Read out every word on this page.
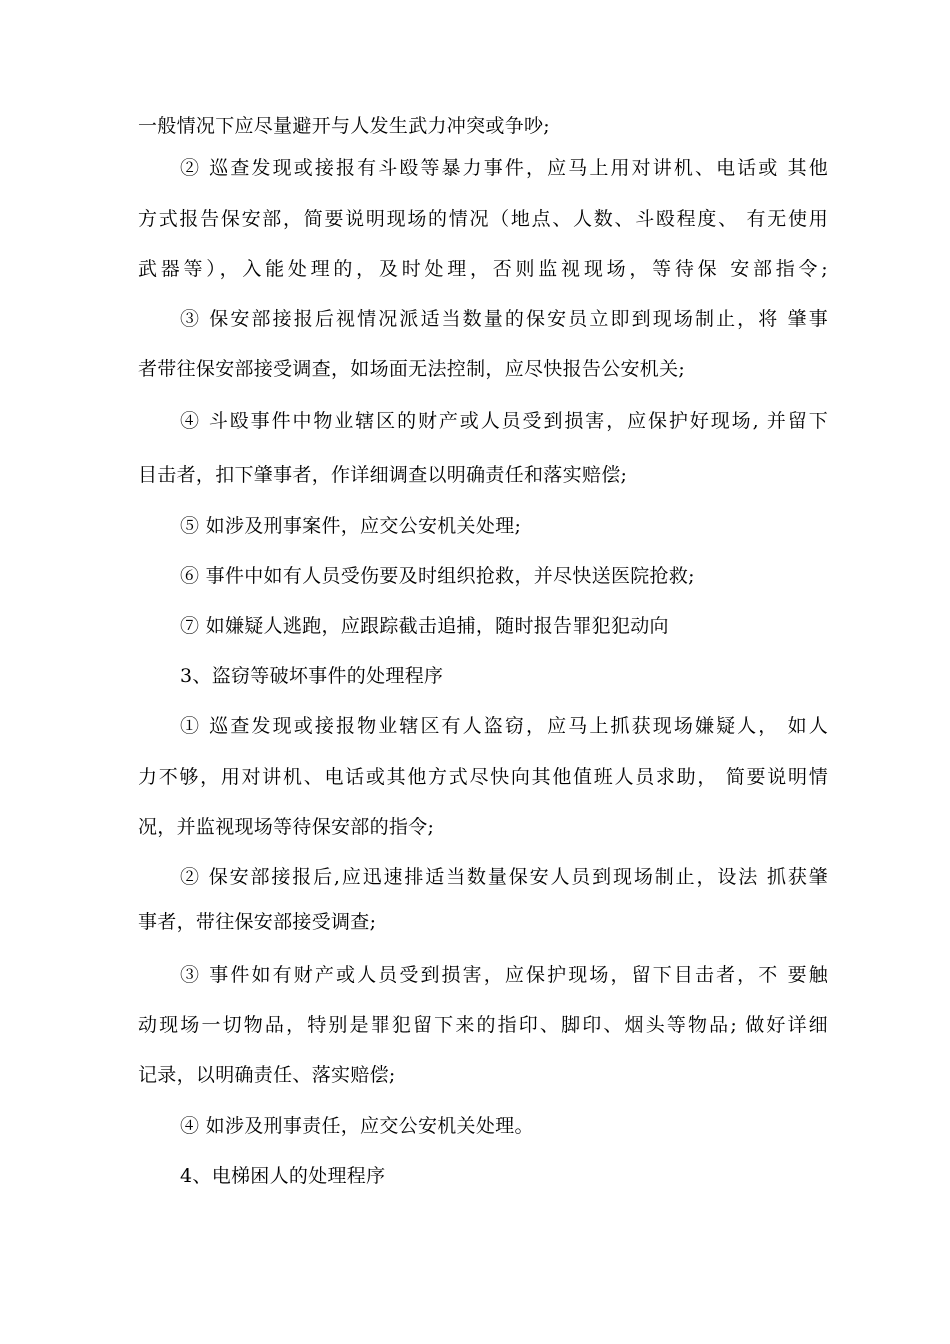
一般情况下应尽量避开与人发生武力冲突或争吵;
② 巡查发现或接报有斗殴等暴力事件，应马上用对讲机、电话或 其他
方式报告保安部，简要说明现场的情况（地点、人数、斗殴程度、 有无使用
武器等），入能处理的，及时处理，否则监视现场，等待保 安部指令;
③ 保安部接报后视情况派适当数量的保安员立即到现场制止，将 肇事
者带往保安部接受调查，如场面无法控制，应尽快报告公安机关;
④ 斗殴事件中物业辖区的财产或人员受到损害，应保护好现场, 并留下
目击者，扣下肇事者，作详细调查以明确责任和落实赔偿;
⑤ 如涉及刑事案件，应交公安机关处理;
⑥ 事件中如有人员受伤要及时组织抢救，并尽快送医院抢救;
⑦ 如嫌疑人逃跑，应跟踪截击追捕，随时报告罪犯犯动向
3、盗窃等破坏事件的处理程序
① 巡查发现或接报物业辖区有人盗窃，应马上抓获现场嫌疑人， 如人
力不够，用对讲机、电话或其他方式尽快向其他值班人员求助， 简要说明情
况，并监视现场等待保安部的指令;
② 保安部接报后,应迅速排适当数量保安人员到现场制止，设法 抓获肇
事者，带往保安部接受调查;
③ 事件如有财产或人员受到损害，应保护现场，留下目击者，不 要触
动现场一切物品，特别是罪犯留下来的指印、脚印、烟头等物品; 做好详细
记录，以明确责任、落实赔偿;
④ 如涉及刑事责任，应交公安机关处理。
4、电梯困人的处理程序
